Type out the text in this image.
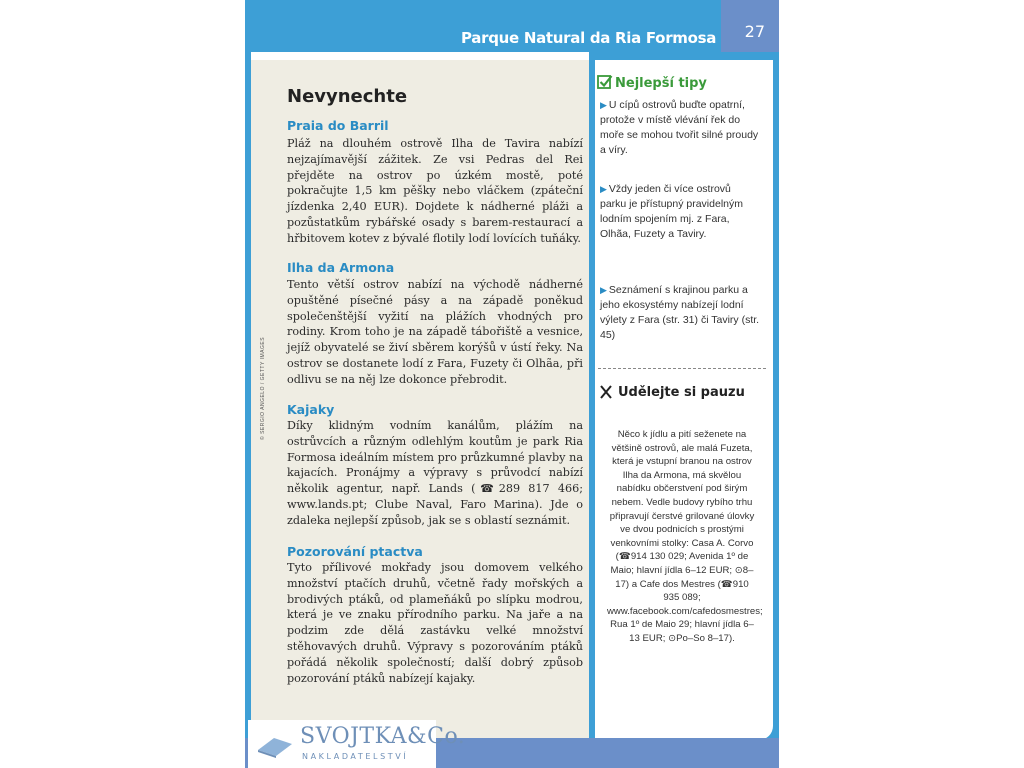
Parque Natural da Ria Formosa 27
© SERGIO ANGELO / GETTY IMAGES
Nevynechte
Praia do Barril
Pláž na dlouhém ostrově Ilha de Tavira nabízí nejzajímavější zážitek. Ze vsi Pedras del Rei přejděte na ostrov po úzkém mostě, poté pokračujte 1,5 km pěšky nebo vláčkem (zpáteční jízdenka 2,40 EUR). Dojdete k nádherné pláži a pozůstatkům rybářské osady s barem-restaurací a hřbitovem kotev z bývalé flotily lodí lovících tuňáky.
Ilha da Armona
Tento větší ostrov nabízí na východě nádherné opuštěné písečné pásy a na západě poněkud společenštější vyžití na plážích vhodných pro rodiny. Krom toho je na západě tábořiště a vesnice, jejíž obyvatelé se živí sběrem korýšů v ústí řeky. Na ostrov se dostanete lodí z Fara, Fuzety či Olhãa, při odlivu se na něj lze dokonce přebrodit.
Kajaky
Díky klidným vodním kanálům, plážím na ostrůvcích a různým odlehlým koutům je park Ria Formosa ideálním místem pro průzkumné plavby na kajacích. Pronájmy a výpravy s průvodcí nabízí několik agentur, např. Lands (☎289 817 466; www.lands.pt; Clube Naval, Faro Marina). Jde o zdaleka nejlepší způsob, jak se s oblastí seznámit.
Pozorování ptactva
Tyto přílivové mokřady jsou domovem velkého množství ptačích druhů, včetně řady mořských a brodivých ptáků, od plameňáků po slípku modrou, která je ve znaku přírodního parku. Na jaře a na podzim zde dělá zastávku velké množství stěhovavých druhů. Výpravy s pozorováním ptáků pořádá několik společností; další dobrý způsob pozorování ptáků nabízejí kajaky.
Nejlepší tipy
▶ U cípů ostrovů buďte opatrní, protože v místě vlévání řek do moře se mohou tvořit silné proudy a víry.
▶ Vždy jeden či více ostrovů parku je přístupný pravidelným lodním spojením mj. z Fara, Olhãa, Fuzety a Taviry.
▶ Seznámení s krajinou parku a jeho ekosystémy nabízejí lodní výlety z Fara (str. 31) či Taviry (str. 45)
Udělejte si pauzu
Něco k jídlu a pití seženete na většině ostrovů, ale malá Fuzeta, která je vstupní branou na ostrov Ilha da Armona, má skvělou nabídku občerstvení pod širým nebem. Vedle budovy rybího trhu připravují čerstvé grilované úlovky ve dvou podnicích s prostými venkovními stolky: Casa A. Corvo (☎914 130 029; Avenida 1º de Maio; hlavní jídla 6–12 EUR; ⊙8–17) a Cafe dos Mestres (☎910 935 089; www.facebook.com/cafedosmestres; Rua 1º de Maio 29; hlavní jídla 6–13 EUR; ⊙Po–So 8–17).
SVOJTKA&Co.
NAKLADATELSTVÍ
